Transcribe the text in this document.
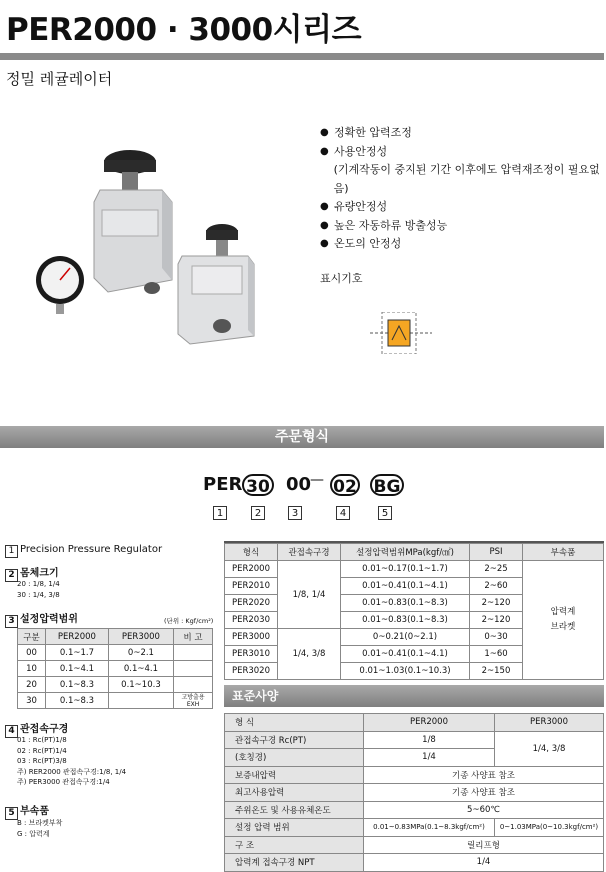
PER2000 · 3000시리즈
정밀 레귤레이터
● 정확한 압력조정
● 사용안정성
(기계작동이 중지된 기간 이후에도 압력재조정이 필요없음)
● 유량안정성
● 높은 자동하류 방출성능
● 온도의 안정성
표시기호
주문형식
PER 30 00
— 02 BG
1	2	3	4	5
1 Precision Pressure Regulator
2 몸체크기
20 : 1/8, 1/4
30 : 1/4, 3/8
3 설정압력범위	(단위 : Kgf/cm²)
구분	PER2000	PER3000	비 고
00	0.1~1.7	0~2.1	
10	0.1~4.1	0.1~4.1	
20	0.1~8.3	0.1~10.3	
30	0.1~8.3		고방출용
EXH
4 관접속구경
01 : Rc(PT)1/8
02 : Rc(PT)1/4
03 : Rc(PT)3/8
주) RER2000 관접속구경:1/8, 1/4
주) PER3000 관접속구경:1/4
5 부속품
B : 브라켓부착
G : 압력계
형식	관접속구경	설정압력범위MPa(kgf/㎠)	PSI	부속품
PER2000	1/8, 1/4	0.01~0.17(0.1~1.7)	2~25	압력계
브라켓

PER2010		0.01~0.41(0.1~4.1)	2~60	
PER2020		0.01~0.83(0.1~8.3)	2~120	
PER2030		0.01~0.83(0.1~8.3)	2~120	
PER3000	1/4, 3/8	0~0.21(0~2.1)	0~30	
PER3010		0.01~0.41(0.1~4.1)	1~60	
PER3020		0.01~1.03(0.1~10.3)	2~150	
표준사양
형 식	PER2000	PER3000
관접속구경 Rc(PT)	1/8	1/4, 3/8
(호칭경)	1/4	
보증내압력	기종 사양표 참조	
최고사용압력	기종 사양표 참조	
주위온도 및 사용유체온도	5~60℃	
설정 압력 범위	0.01~0.83MPa(0.1~8.3kgf/cm²)	0~1.03MPa(0~10.3kgf/cm²)
구 조	릴리프형	
압력계 접속구경 NPT	1/4	
